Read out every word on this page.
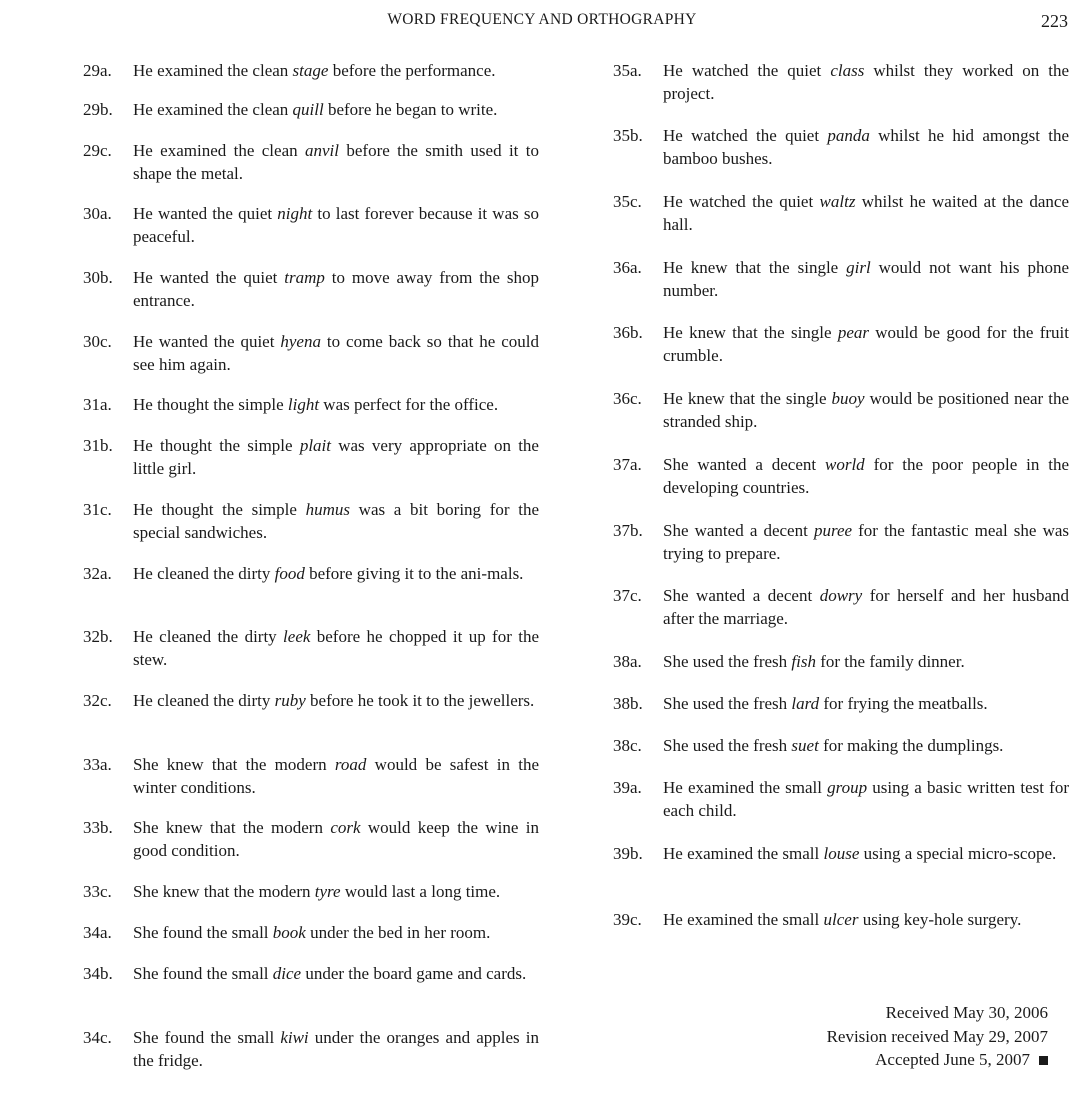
WORD FREQUENCY AND ORTHOGRAPHY	223
29a.	He examined the clean stage before the performance.
29b.	He examined the clean quill before he began to write.
29c.	He examined the clean anvil before the smith used it to shape the metal.
30a.	He wanted the quiet night to last forever because it was so peaceful.
30b.	He wanted the quiet tramp to move away from the shop entrance.
30c.	He wanted the quiet hyena to come back so that he could see him again.
31a.	He thought the simple light was perfect for the office.
31b.	He thought the simple plait was very appropriate on the little girl.
31c.	He thought the simple humus was a bit boring for the special sandwiches.
32a.	He cleaned the dirty food before giving it to the ani-mals.
32b.	He cleaned the dirty leek before he chopped it up for the stew.
32c.	He cleaned the dirty ruby before he took it to the jewellers.
33a.	She knew that the modern road would be safest in the winter conditions.
33b.	She knew that the modern cork would keep the wine in good condition.
33c.	She knew that the modern tyre would last a long time.
34a.	She found the small book under the bed in her room.
34b.	She found the small dice under the board game and cards.
34c.	She found the small kiwi under the oranges and apples in the fridge.
35a.	He watched the quiet class whilst they worked on the project.
35b.	He watched the quiet panda whilst he hid amongst the bamboo bushes.
35c.	He watched the quiet waltz whilst he waited at the dance hall.
36a.	He knew that the single girl would not want his phone number.
36b.	He knew that the single pear would be good for the fruit crumble.
36c.	He knew that the single buoy would be positioned near the stranded ship.
37a.	She wanted a decent world for the poor people in the developing countries.
37b.	She wanted a decent puree for the fantastic meal she was trying to prepare.
37c.	She wanted a decent dowry for herself and her husband after the marriage.
38a.	She used the fresh fish for the family dinner.
38b.	She used the fresh lard for frying the meatballs.
38c.	She used the fresh suet for making the dumplings.
39a.	He examined the small group using a basic written test for each child.
39b.	He examined the small louse using a special micro-scope.
39c.	He examined the small ulcer using key-hole surgery.
Received May 30, 2006
Revision received May 29, 2007
Accepted June 5, 2007
